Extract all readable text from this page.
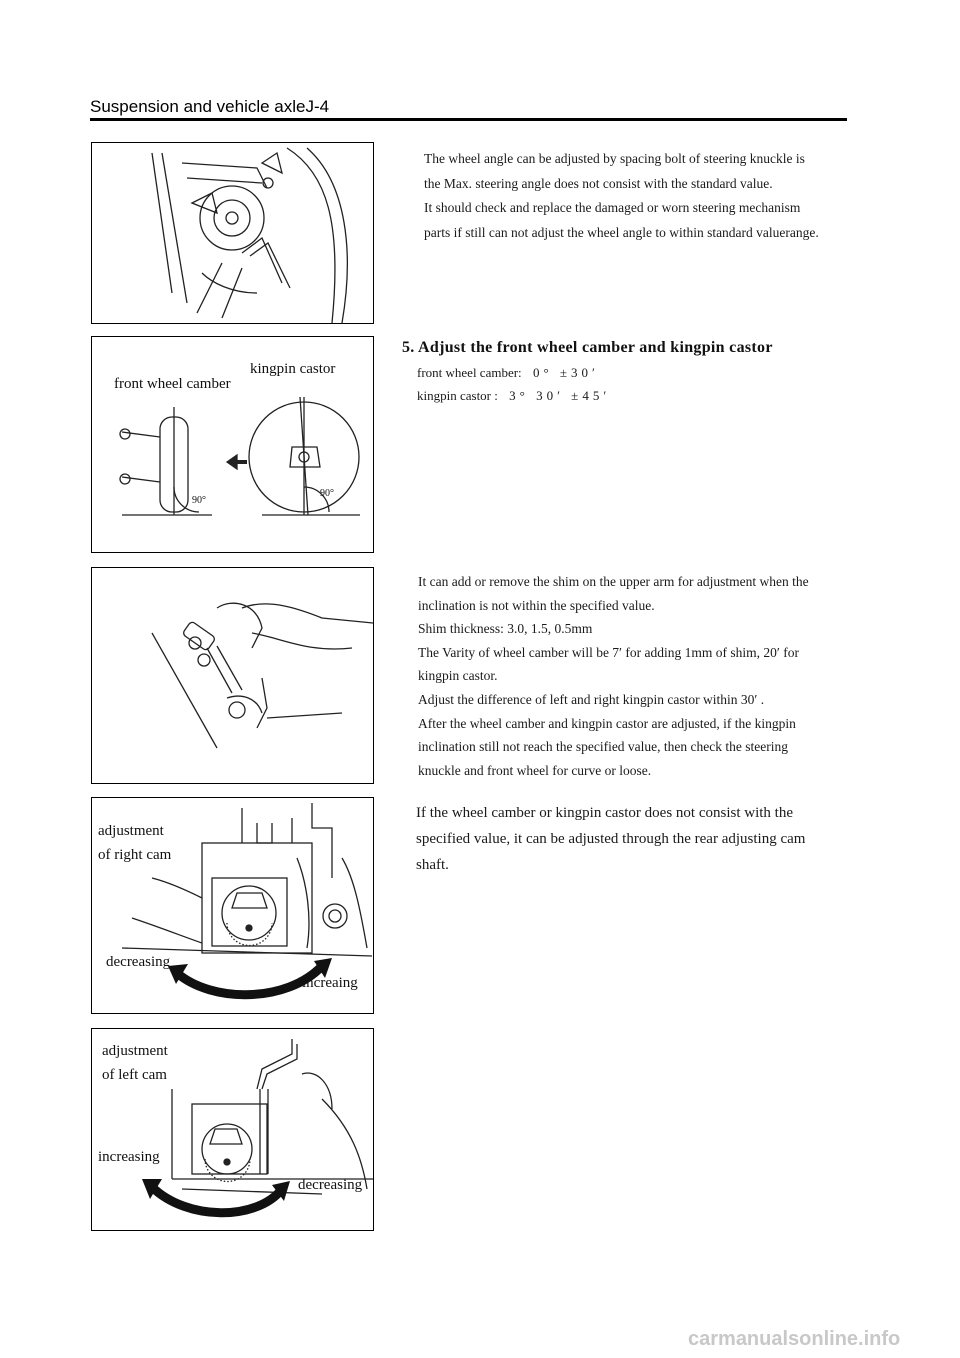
Suspension and vehicle axleJ-4

The wheel angle can be adjusted by spacing bolt of steering knuckle is

the Max. steering angle does not consist with the standard value.

It should check and replace the damaged or worn steering mechanism

parts if still can not adjust the wheel angle to within standard valuerange.

front wheel camber
kingpin castor
90°
90°
5. Adjust the front wheel camber and kingpin castor
front wheel camber: 0° ±30′
kingpin castor : 3° 30′ ±45′

It can add or remove the shim on the upper arm for adjustment when the

inclination is not within the specified value.

Shim thickness: 3.0, 1.5, 0.5mm

The Varity of wheel camber will be 7′ for adding 1mm of shim, 20′ for

kingpin castor.

Adjust the difference of left and right kingpin castor within 30′ .

After the wheel camber and kingpin castor are adjusted, if the kingpin

inclination still not reach the specified value, then check the steering

knuckle and front wheel for curve or loose.

adjustment
of right cam
decreasing
increaing

If the wheel camber or kingpin castor does not consist with the

specified value, it can be adjusted through the rear adjusting cam

shaft.

adjustment
of left cam
increasing
decreasing
carmanualsonline.info
